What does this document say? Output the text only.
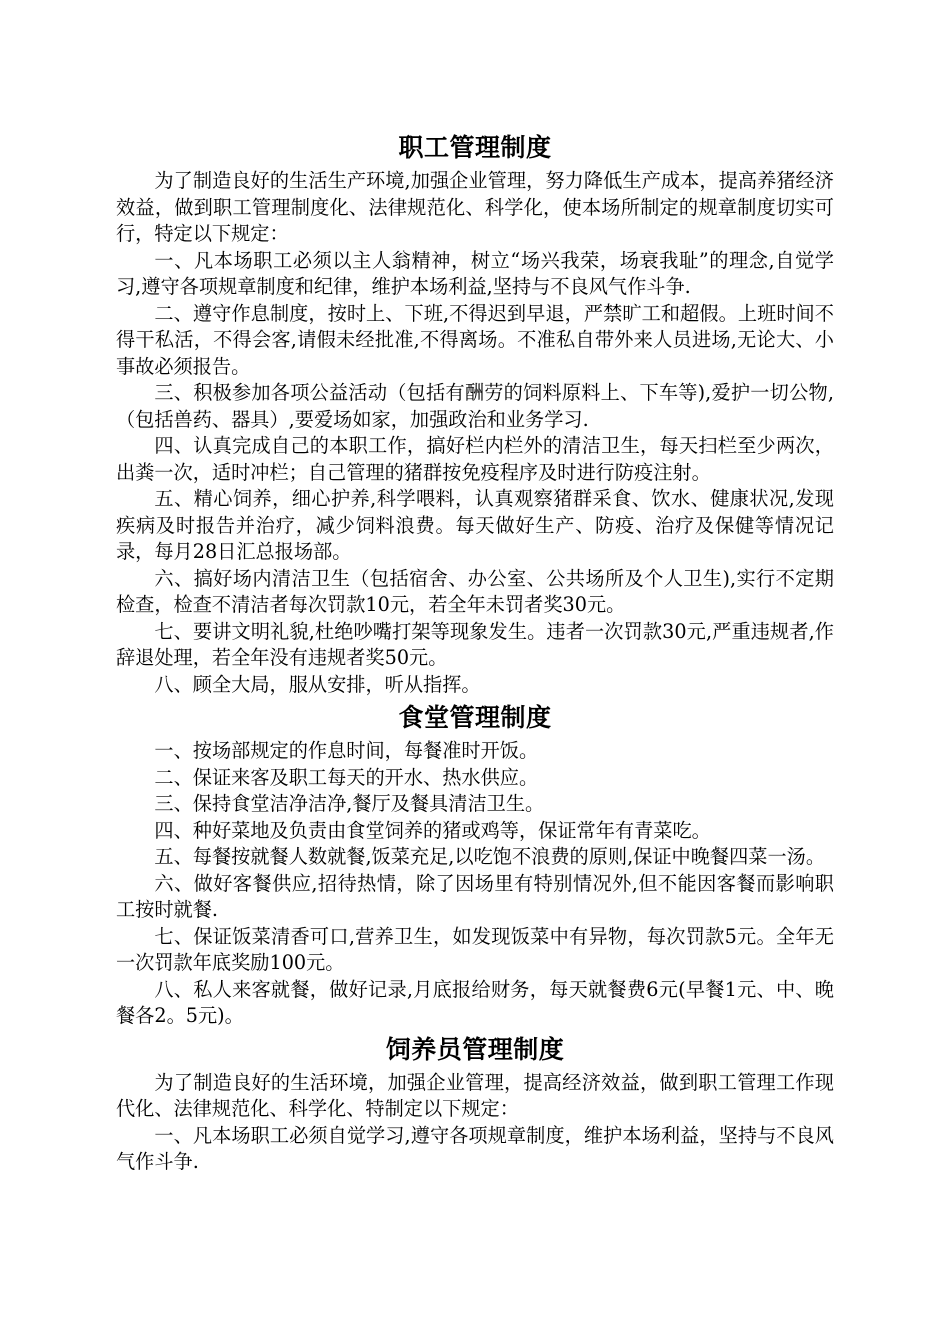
职工管理制度

为了制造良好的生活生产环境,加强企业管理，努力降低生产成本，提高养猪经济效益，做到职工管理制度化、法律规范化、科学化，使本场所制定的规章制度切实可行，特定以下规定：

一、凡本场职工必须以主人翁精神，树立“场兴我荣，场衰我耻”的理念,自觉学习,遵守各项规章制度和纪律，维护本场利益,坚持与不良风气作斗争.

二、遵守作息制度，按时上、下班,不得迟到早退，严禁旷工和超假。上班时间不得干私活，不得会客,请假未经批准,不得离场。不准私自带外来人员进场,无论大、小事故必须报告。

三、积极参加各项公益活动（包括有酬劳的饲料原料上、下车等),爱护一切公物,（包括兽药、器具）,要爱场如家，加强政治和业务学习.

四、认真完成自己的本职工作，搞好栏内栏外的清洁卫生，每天扫栏至少两次，出粪一次，适时冲栏；自己管理的猪群按免疫程序及时进行防疫注射。

五、精心饲养，细心护养,科学喂料，认真观察猪群采食、饮水、健康状况,发现疾病及时报告并治疗，减少饲料浪费。每天做好生产、防疫、治疗及保健等情况记录，每月28日汇总报场部。

六、搞好场内清洁卫生（包括宿舍、办公室、公共场所及个人卫生),实行不定期检查，检查不清洁者每次罚款10元，若全年未罚者奖30元。

七、要讲文明礼貌,杜绝吵嘴打架等现象发生。违者一次罚款30元,严重违规者,作辞退处理，若全年没有违规者奖50元。

八、顾全大局，服从安排，听从指挥。

食堂管理制度

一、按场部规定的作息时间，每餐准时开饭。

二、保证来客及职工每天的开水、热水供应。

三、保持食堂洁净洁净,餐厅及餐具清洁卫生。

四、种好菜地及负责由食堂饲养的猪或鸡等，保证常年有青菜吃。

五、每餐按就餐人数就餐,饭菜充足,以吃饱不浪费的原则,保证中晚餐四菜一汤。

六、做好客餐供应,招待热情，除了因场里有特别情况外,但不能因客餐而影响职工按时就餐.

七、保证饭菜清香可口,营养卫生，如发现饭菜中有异物，每次罚款5元。全年无一次罚款年底奖励100元。

八、私人来客就餐，做好记录,月底报给财务，每天就餐费6元(早餐1元、中、晚餐各2。5元)。

饲养员管理制度

为了制造良好的生活环境，加强企业管理，提高经济效益，做到职工管理工作现代化、法律规范化、科学化、特制定以下规定：

一、凡本场职工必须自觉学习,遵守各项规章制度，维护本场利益，坚持与不良风气作斗争.
